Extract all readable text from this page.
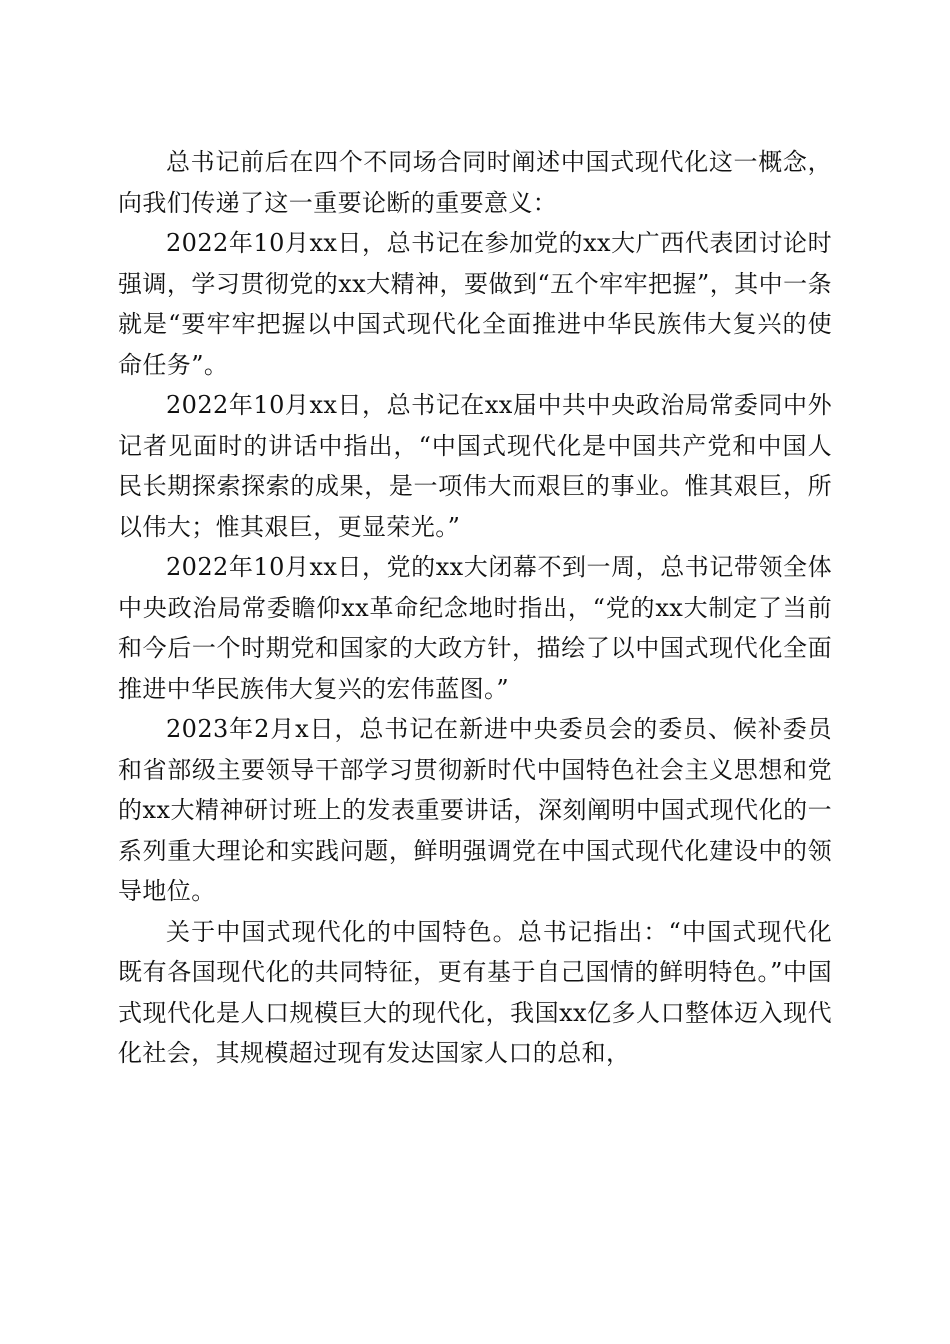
总书记前后在四个不同场合同时阐述中国式现代化这一概念，向我们传递了这一重要论断的重要意义：

2022年10月xx日，总书记在参加党的xx大广西代表团讨论时强调，学习贯彻党的xx大精神，要做到“五个牢牢把握”，其中一条就是“要牢牢把握以中国式现代化全面推进中华民族伟大复兴的使命任务”。

2022年10月xx日，总书记在xx届中共中央政治局常委同中外记者见面时的讲话中指出，“中国式现代化是中国共产党和中国人民长期探索探索的成果，是一项伟大而艰巨的事业。惟其艰巨，所以伟大；惟其艰巨，更显荣光。”

2022年10月xx日，党的xx大闭幕不到一周，总书记带领全体中央政治局常委瞻仰xx革命纪念地时指出，“党的xx大制定了当前和今后一个时期党和国家的大政方针，描绘了以中国式现代化全面推进中华民族伟大复兴的宏伟蓝图。”

2023年2月x日，总书记在新进中央委员会的委员、候补委员和省部级主要领导干部学习贯彻新时代中国特色社会主义思想和党的xx大精神研讨班上的发表重要讲话，深刻阐明中国式现代化的一系列重大理论和实践问题，鲜明强调党在中国式现代化建设中的领导地位。

关于中国式现代化的中国特色。总书记指出：“中国式现代化既有各国现代化的共同特征，更有基于自己国情的鲜明特色。”中国式现代化是人口规模巨大的现代化，我国xx亿多人口整体迈入现代化社会，其规模超过现有发达国家人口的总和，
